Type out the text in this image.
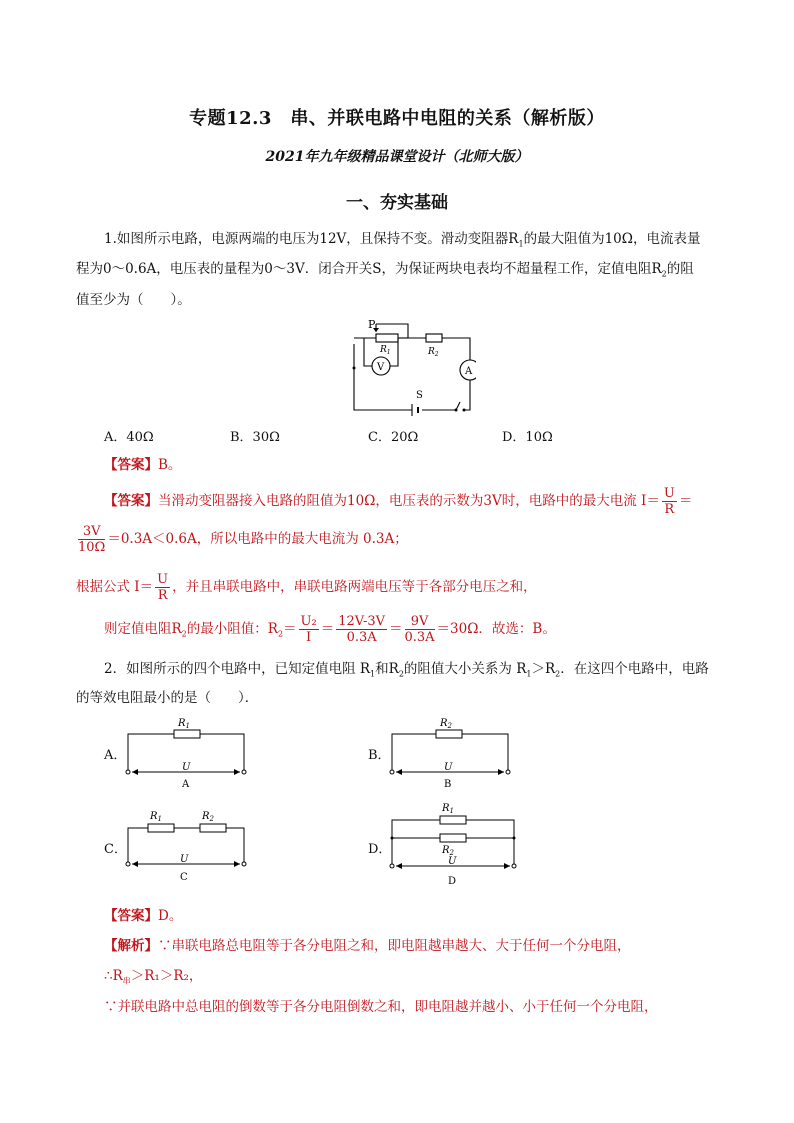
专题12.3　串、并联电路中电阻的关系（解析版）
2021年九年级精品课堂设计（北师大版）
一、夯实基础
1.如图所示电路，电源两端的电压为12V，且保持不变。滑动变阻器$R_1$的最大阻值为10Ω，电流表量
程为0～0.6A，电压表的量程为0～3V．闭合开关S，为保证两块电表均不超量程工作，定值电阻$R_2$的阻
值至少为（　　）。
P
$R_1$	$R_2$
V	A
S
A．40Ω	B．30Ω	C．20Ω	D．10Ω
【答案】B。
【答案】当滑动变阻器接入电路的阻值为10Ω，电压表的示数为3V时，电路中的最大电流 $I= \frac{U}{R}$ ＝
$\frac{3V}{10\Omega} =0.3A<0.6A$，所以电路中的最大电流为 0.3A；
根据公式 $I= \frac{U}{R}$ ，并且串联电路中，串联电路两端电压等于各部分电压之和，
则定值电阻$R_2$的最小阻值：$R_2= \frac{\text{U₂}}{I} = \frac{12V-3V}{0.3A} = \frac{9V}{0.3A} =30\Omega$．故选：B。
2．如图所示的四个电路中，已知定值电阻 $R_1$和$R_2$的阻值大小关系为 $R_1>R_2$．在这四个电路中，电路
的等效电阻最小的是（　　）．
A．
$R_1$
U
A
B．
$R_2$
U
B
C．
$R_1$	$R_2$
U
C
D．
$R_1$
$R_2$
U
D
【答案】D。
【解析】∵串联电路总电阻等于各分电阻之和，即电阻越串越大、大于任何一个分电阻，
$\therefore R_串>R_1>R_2$，
∵并联电路中总电阻的倒数等于各分电阻倒数之和，即电阻越并越小、小于任何一个分电阻，
